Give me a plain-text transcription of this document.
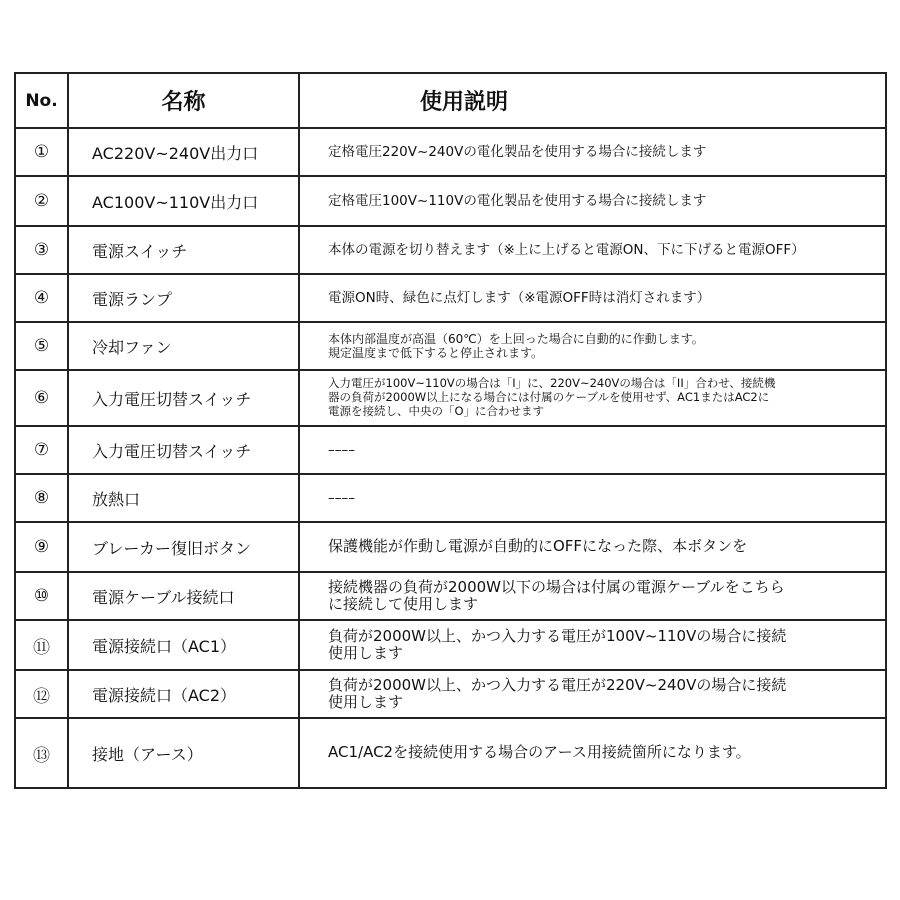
No.	名称	使用説明
①	AC220V~240V出力口	定格電圧220V~240Vの電化製品を使用する場合に接続します

②	AC100V~110V出力口	定格電圧100V~110Vの電化製品を使用する場合に接続します

③	電源スイッチ	本体の電源を切り替えます（※上に上げると電源ON、下に下げると電源OFF）

④	電源ランプ	電源ON時、緑色に点灯します（※電源OFF時は消灯されます）

⑤	冷却ファン	本体内部温度が高温（60℃）を上回った場合に自動的に作動します。
規定温度まで低下すると停止されます。

⑥	入力電圧切替スイッチ	入力電圧が100V~110Vの場合は「I」に、220V~240Vの場合は「II」合わせ、接続機
器の負荷が2000W以上になる場合には付属のケーブルを使用せず、AC1またはAC2に
電源を接続し、中央の「O」に合わせます

⑦	入力電圧切替スイッチ	––––

⑧	放熱口	––––

⑨	ブレーカー復旧ボタン	保護機能が作動し電源が自動的にOFFになった際、本ボタンを

⑩	電源ケーブル接続口	接続機器の負荷が2000W以下の場合は付属の電源ケーブルをこちら
に接続して使用します

⑪	電源接続口（AC1）	負荷が2000W以上、かつ入力する電圧が100V~110Vの場合に接続
使用します

⑫	電源接続口（AC2）	負荷が2000W以上、かつ入力する電圧が220V~240Vの場合に接続
使用します

⑬	接地（アース）	AC1/AC2を接続使用する場合のアース用接続箇所になります。
